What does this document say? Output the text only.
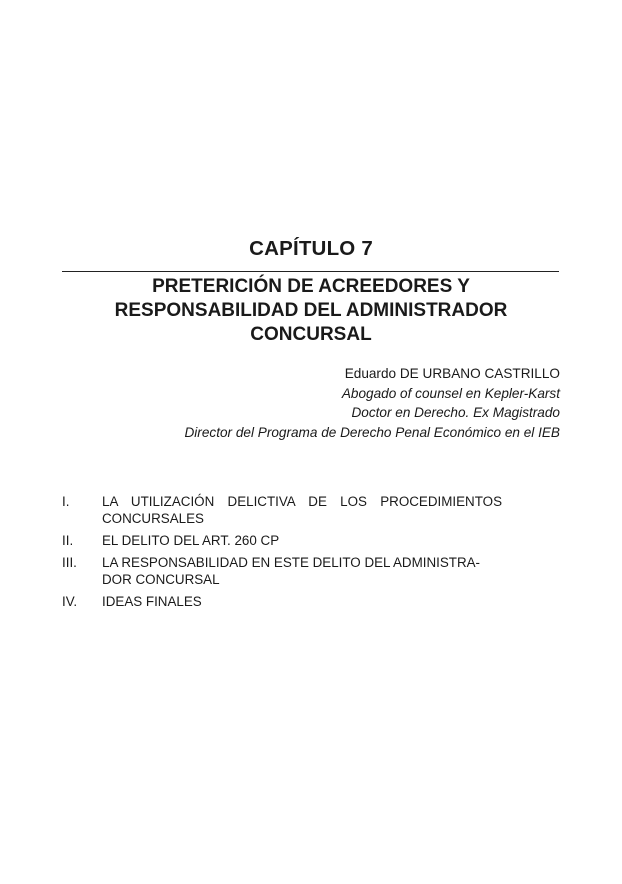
CAPÍTULO 7
PRETERICIÓN DE ACREEDORES Y
RESPONSABILIDAD DEL ADMINISTRADOR
CONCURSAL
Eduardo DE URBANO CASTRILLO
Abogado of counsel en Kepler-Karst
Doctor en Derecho. Ex Magistrado
Director del Programa de Derecho Penal Económico en el IEB
I.	LA UTILIZACIÓN DELICTIVA DE LOS PROCEDIMIENTOS
CONCURSALES
II.	EL DELITO DEL ART. 260 CP
III.	LA RESPONSABILIDAD EN ESTE DELITO DEL ADMINISTRA-
DOR CONCURSAL
IV.	IDEAS FINALES
